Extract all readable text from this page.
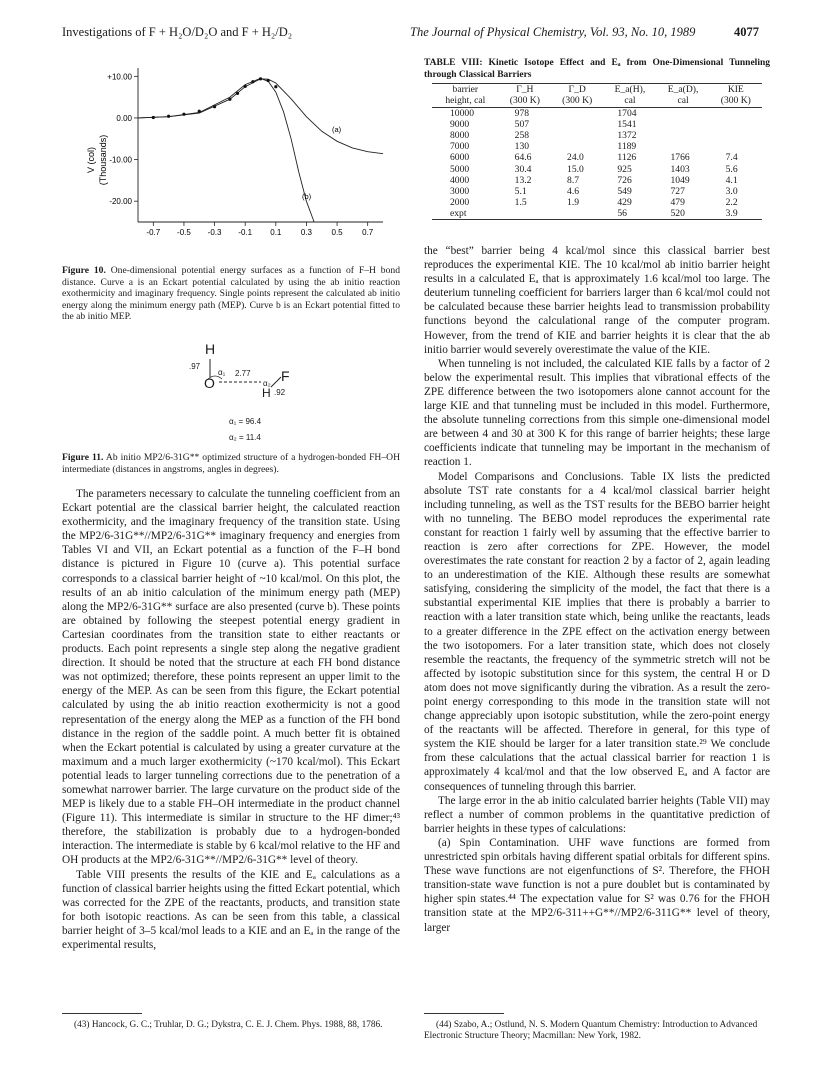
Investigations of F + H₂O/D₂O and F + H₂/D₂	The Journal of Physical Chemistry, Vol. 93, No. 10, 1989	4077
V (col) (Thousands)
+10.00
0.00
-10.00
-20.00
-0.7 -0.5 -0.3 -0.1 0.1 0.3 0.5 0.7
(a)
(b)

Figure 10. One-dimensional potential energy surfaces as a function of F–H bond distance. Curve a is an Eckart potential calculated by using the ab initio reaction exothermicity and imaginary frequency. Single points represent the calculated ab initio energy along the minimum energy path (MEP). Curve b is an Eckart potential fitted to the ab initio MEP.

H
.97
O
α₁ 2.77
α₂ F
H .92
α₁ = 96.4
α₂ = 11.4

Figure 11. Ab initio MP2/6-31G** optimized structure of a hydrogen-bonded FH–OH intermediate (distances in angstroms, angles in degrees).

The parameters necessary to calculate the tunneling coefficient from an Eckart potential are the classical barrier height, the calculated reaction exothermicity, and the imaginary frequency of the transition state. Using the MP2/6-31G**//MP2/6-31G** imaginary frequency and energies from Tables VI and VII, an Eckart potential as a function of the F–H bond distance is pictured in Figure 10 (curve a). This potential surface corresponds to a classical barrier height of ~10 kcal/mol. On this plot, the results of an ab initio calculation of the minimum energy path (MEP) along the MP2/6-31G** surface are also presented (curve b). These points are obtained by following the steepest potential energy gradient in Cartesian coordinates from the transition state to either reactants or products. Each point represents a single step along the negative gradient direction. It should be noted that the structure at each FH bond distance was not optimized; therefore, these points represent an upper limit to the energy of the MEP. As can be seen from this figure, the Eckart potential calculated by using the ab initio reaction exothermicity is not a good representation of the energy along the MEP as a function of the FH bond distance in the region of the saddle point. A much better fit is obtained when the Eckart potential is calculated by using a greater curvature at the maximum and a much larger exothermicity (~170 kcal/mol). This Eckart potential leads to larger tunneling corrections due to the penetration of a somewhat narrower barrier. The large curvature on the product side of the MEP is likely due to a stable FH–OH intermediate in the product channel (Figure 11). This intermediate is similar in structure to the HF dimer;⁴³ therefore, the stabilization is probably due to a hydrogen-bonded interaction. The intermediate is stable by 6 kcal/mol relative to the HF and OH products at the MP2/6-31G**//MP2/6-31G** level of theory.

Table VIII presents the results of the KIE and Eₐ calculations as a function of classical barrier heights using the fitted Eckart potential, which was corrected for the ZPE of the reactants, products, and transition state for both isotopic reactions. As can be seen from this table, a classical barrier height of 3–5 kcal/mol leads to a KIE and an Eₐ in the range of the experimental results,

(43) Hancock, G. C.; Truhlar, D. G.; Dykstra, C. E. J. Chem. Phys. 1988, 88, 1786.

TABLE VIII: Kinetic Isotope Effect and Eₐ from One-Dimensional Tunneling through Classical Barriers

barrier	Γ_H	Γ_D	E_a(H),	E_a(D),	KIE
height, cal	(300 K)	(300 K)	cal	cal	(300 K)
10000	978		1704		
9000	507		1541		
8000	258		1372		
7000	130		1189		
6000	64.6	24.0	1126	1766	7.4
5000	30.4	15.0	925	1403	5.6
4000	13.2	8.7	726	1049	4.1
3000	5.1	4.6	549	727	3.0
2000	1.5	1.9	429	479	2.2
expt			56	520	3.9

the “best” barrier being 4 kcal/mol since this classical barrier best reproduces the experimental KIE. The 10 kcal/mol ab initio barrier height results in a calculated Eₐ that is approximately 1.6 kcal/mol too large. The deuterium tunneling coefficient for barriers larger than 6 kcal/mol could not be calculated because these barrier heights lead to transmission probability functions beyond the calculational range of the computer program. However, from the trend of KIE and barrier heights it is clear that the ab initio barrier would severely overestimate the value of the KIE.

When tunneling is not included, the calculated KIE falls by a factor of 2 below the experimental result. This implies that vibrational effects of the ZPE difference between the two isotopomers alone cannot account for the large KIE and that tunneling must be included in this model. Furthermore, the absolute tunneling corrections from this simple one-dimensional model are between 4 and 30 at 300 K for this range of barrier heights; these large coefficients indicate that tunneling may be important in the mechanism of reaction 1.

Model Comparisons and Conclusions. Table IX lists the predicted absolute TST rate constants for a 4 kcal/mol classical barrier height including tunneling, as well as the TST results for the BEBO barrier height with no tunneling. The BEBO model reproduces the experimental rate constant for reaction 1 fairly well by assuming that the effective barrier to reaction is zero after corrections for ZPE. However, the model overestimates the rate constant for reaction 2 by a factor of 2, again leading to an underestimation of the KIE. Although these results are somewhat satisfying, considering the simplicity of the model, the fact that there is a substantial experimental KIE implies that there is probably a barrier to reaction with a later transition state which, being unlike the reactants, leads to a greater difference in the ZPE effect on the activation energy between the two isotopomers. For a later transition state, which does not closely resemble the reactants, the frequency of the symmetric stretch will not be affected by isotopic substitution since for this system, the central H or D atom does not move significantly during the vibration. As a result the zero-point energy corresponding to this mode in the transition state will not change appreciably upon isotopic substitution, while the zero-point energy of the reactants will be affected. Therefore in general, for this type of system the KIE should be larger for a later transition state.²⁹ We conclude from these calculations that the actual classical barrier for reaction 1 is approximately 4 kcal/mol and that the low observed Eₐ and A factor are consequences of tunneling through this barrier.

The large error in the ab initio calculated barrier heights (Table VII) may reflect a number of common problems in the quantitative prediction of barrier heights in these types of calculations:

(a) Spin Contamination. UHF wave functions are formed from unrestricted spin orbitals having different spatial orbitals for different spins. These wave functions are not eigenfunctions of S². Therefore, the FHOH transition-state wave function is not a pure doublet but is contaminated by higher spin states.⁴⁴ The expectation value for S² was 0.76 for the FHOH transition state at the MP2/6-311++G**//MP2/6-311G** level of theory, larger

(44) Szabo, A.; Ostlund, N. S. Modern Quantum Chemistry: Introduction to Advanced Electronic Structure Theory; Macmillan: New York, 1982.
